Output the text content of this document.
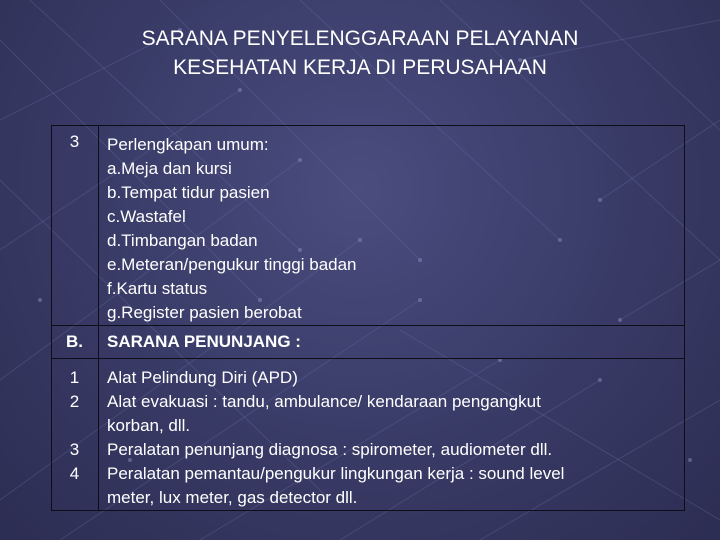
SARANA PENYELENGGARAAN PELAYANAN
KESEHATAN KERJA DI PERUSAHAAN
3	Perlengkapan umum:
a.Meja dan kursi
b.Tempat tidur pasien
c.Wastafel
d.Timbangan badan
e.Meteran/pengukur tinggi badan
f.Kartu status
g.Register pasien berobat
B.	SARANA PENUNJANG :
1
2
3
4
Alat Pelindung Diri (APD)
Alat evakuasi : tandu, ambulance/ kendaraan pengangkut
korban, dll.
Peralatan penunjang diagnosa : spirometer, audiometer dll.
Peralatan pemantau/pengukur lingkungan kerja : sound level
meter, lux meter, gas detector dll.
